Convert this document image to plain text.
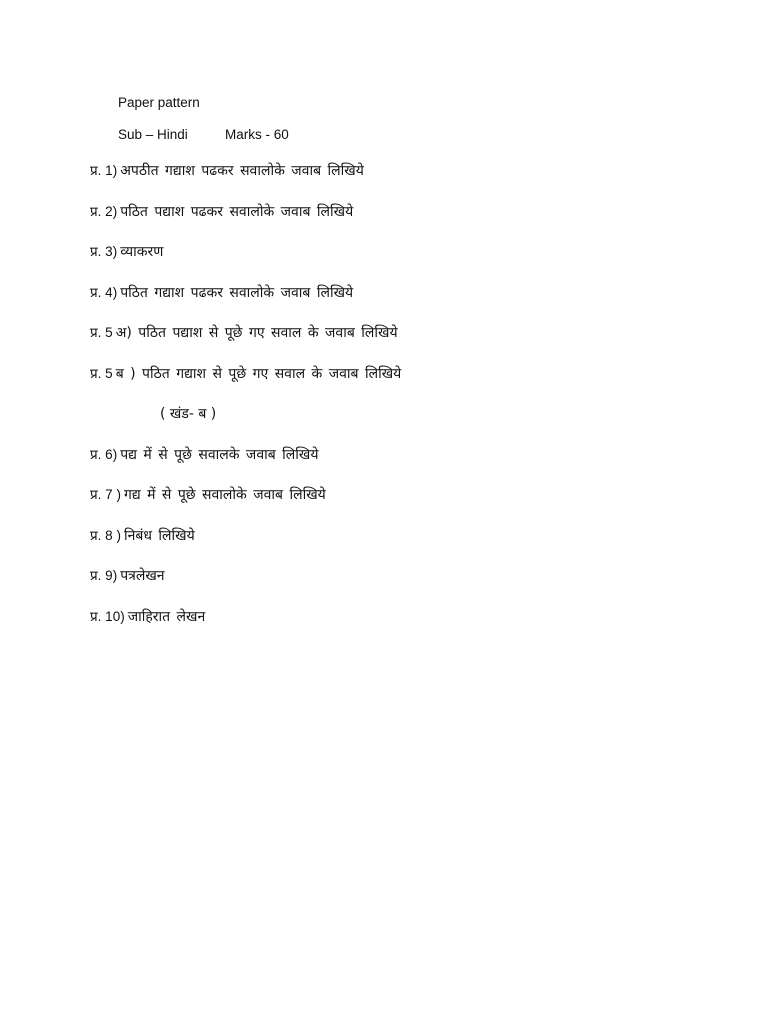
Paper pattern
Sub – Hindi	Marks - 60
प्र. 1) अपठीत गद्याश पढकर सवालोके जवाब लिखिये
प्र. 2) पठित पद्याश पढकर सवालोके जवाब लिखिये
प्र. 3) व्याकरण
प्र. 4) पठित गद्याश पढकर सवालोके जवाब लिखिये
प्र. 5 अ) पठित पद्याश से पूछे गए सवाल के जवाब लिखिये
प्र. 5 ब ) पठित गद्याश से पूछे गए सवाल के जवाब लिखिये
( खंड- ब )
प्र. 6) पद्य में से पूछे सवालके जवाब लिखिये
प्र. 7 ) गद्य में से पूछे सवालोके जवाब लिखिये
प्र. 8 ) निबंध लिखिये
प्र. 9) पत्रलेखन
प्र. 10) जाहिरात लेखन
